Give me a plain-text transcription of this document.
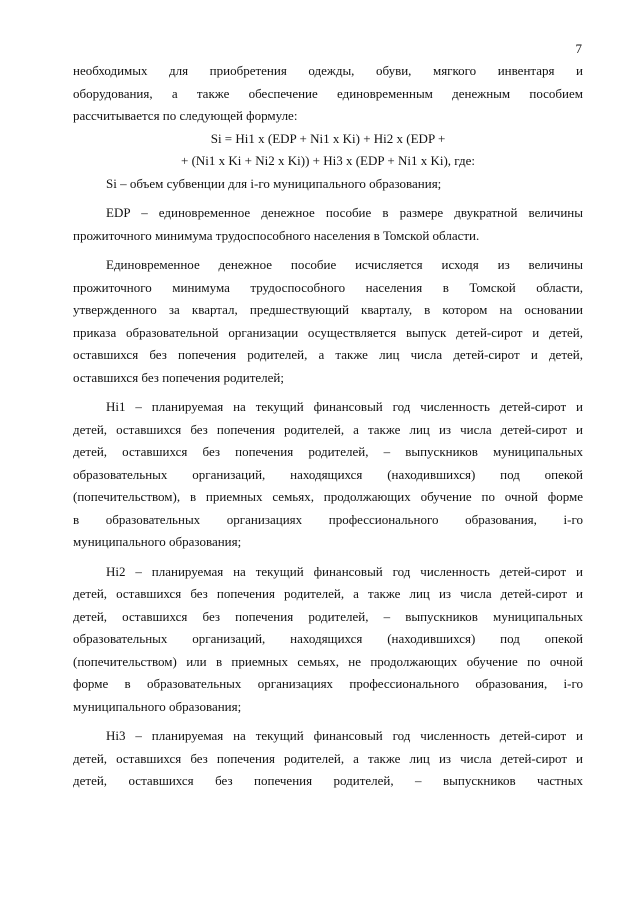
7
необходимых для приобретения одежды, обуви, мягкого инвентаря и
оборудования, а также обеспечение единовременным денежным пособием
рассчитывается по следующей формуле:
Si = Hi1 x (EDP + Ni1 x Ki) + Hi2 x (EDP +
+ (Ni1 x Ki + Ni2 x Ki)) + Hi3 x (EDP + Ni1 x Ki), где:
Si – объем субвенции для i-го муниципального образования;
EDP – единовременное денежное пособие в размере двукратной величины
прожиточного минимума трудоспособного населения в Томской области.
Единовременное денежное пособие исчисляется исходя из величины
прожиточного минимума трудоспособного населения в Томской области,
утвержденного за квартал, предшествующий кварталу, в котором на основании
приказа образовательной организации осуществляется выпуск детей-сирот и детей,
оставшихся без попечения родителей, а также лиц числа детей-сирот и детей,
оставшихся без попечения родителей;
Hi1 – планируемая на текущий финансовый год численность детей-сирот и
детей, оставшихся без попечения родителей, а также лиц из числа детей-сирот и
детей, оставшихся без попечения родителей, – выпускников муниципальных
образовательных организаций, находящихся (находившихся) под опекой
(попечительством), в приемных семьях, продолжающих обучение по очной форме
в образовательных организациях профессионального образования, i-го
муниципального образования;
Hi2 – планируемая на текущий финансовый год численность детей-сирот и
детей, оставшихся без попечения родителей, а также лиц из числа детей-сирот и
детей, оставшихся без попечения родителей, – выпускников муниципальных
образовательных организаций, находящихся (находившихся) под опекой
(попечительством) или в приемных семьях, не продолжающих обучение по очной
форме в образовательных организациях профессионального образования, i-го
муниципального образования;
Hi3 – планируемая на текущий финансовый год численность детей-сирот и
детей, оставшихся без попечения родителей, а также лиц из числа детей-сирот и
детей, оставшихся без попечения родителей, – выпускников частных
